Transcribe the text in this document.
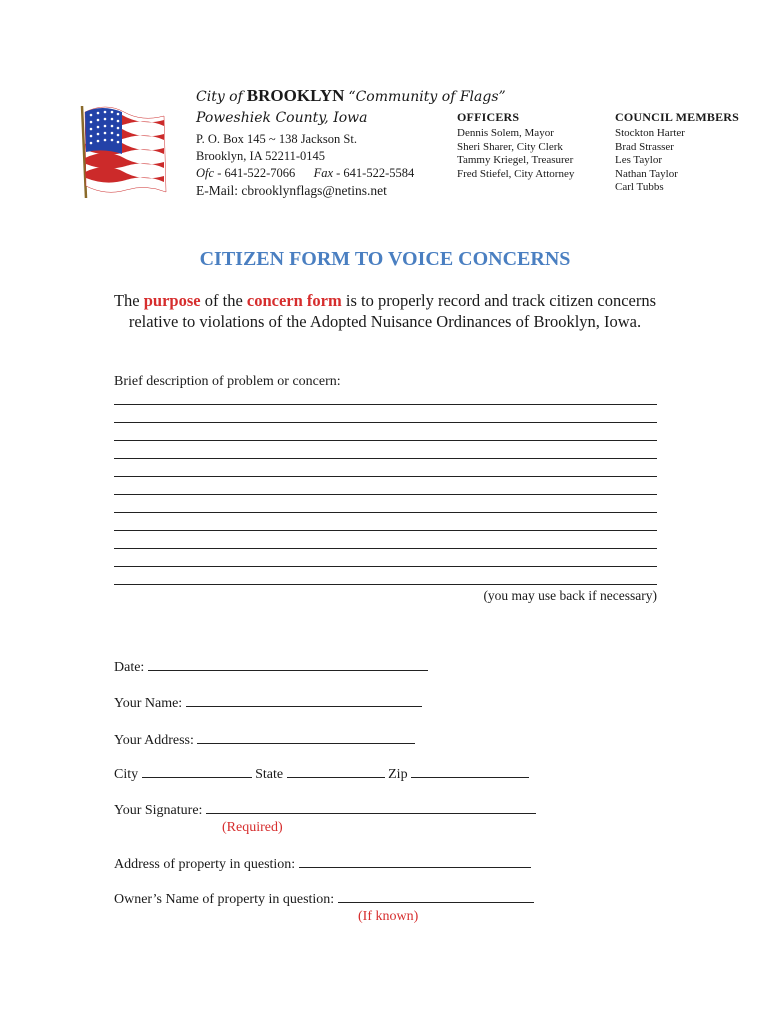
City of BROOKLYN “Community of Flags”
Poweshiek County, Iowa
P. O. Box 145 ~ 138 Jackson St.
Brooklyn, IA 52211-0145
Ofc - 641-522-7066 Fax - 641-522-5584
E-Mail: cbrooklynflags@netins.net
OFFICERS
Dennis Solem, Mayor
Sheri Sharer, City Clerk
Tammy Kriegel, Treasurer
Fred Stiefel, City Attorney
COUNCIL MEMBERS
Stockton Harter
Brad Strasser
Les Taylor
Nathan Taylor
Carl Tubbs
CITIZEN FORM TO VOICE CONCERNS
The purpose of the concern form is to properly record and track citizen concerns relative to violations of the Adopted Nuisance Ordinances of Brooklyn, Iowa.
Brief description of problem or concern:
(you may use back if necessary)
Date:
Your Name:
Your Address:
City	State	Zip
Your Signature:
(Required)
Address of property in question:
Owner’s Name of property in question:
(If known)
